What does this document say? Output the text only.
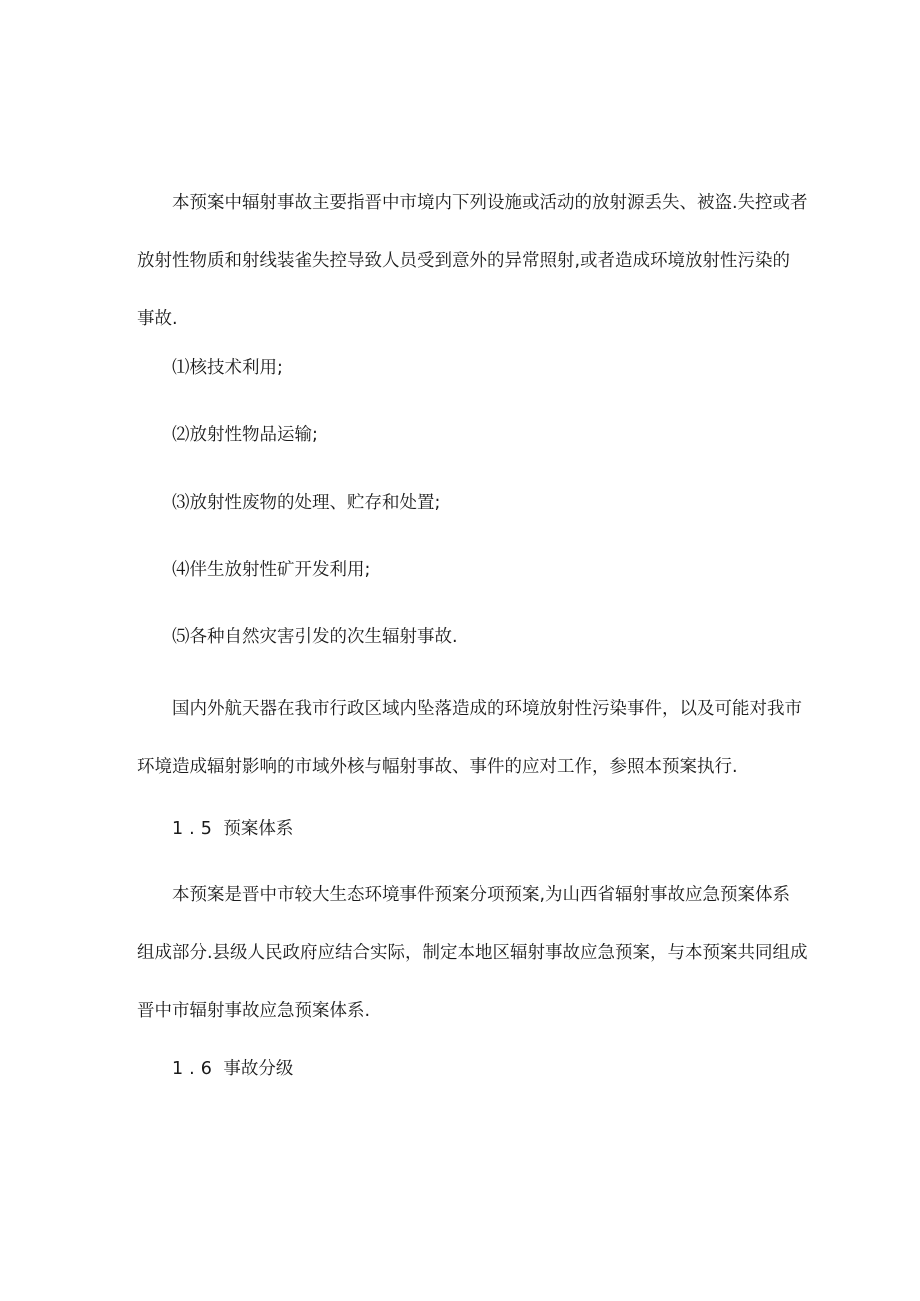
本预案中辐射事故主要指晋中市境内下列设施或活动的放射源丢失、被盗.失控或者
放射性物质和射线装雀失控导致人员受到意外的异常照射,或者造成环境放射性污染的
事故.
⑴核技术利用;
⑵放射性物品运输;
⑶放射性废物的处理、贮存和处置;
⑷伴生放射性矿开发利用;
⑸各种自然灾害引发的次生辐射事故.
国内外航天器在我市行政区域内坠落造成的环境放射性污染事件，以及可能对我市
环境造成辐射影响的市域外核与幅射事故、事件的应对工作，参照本预案执行.
1.5 预案体系
本预案是晋中市较大生态环境事件预案分项预案,为山西省辐射事故应急预案体系
组成部分.县级人民政府应结合实际，制定本地区辐射事故应急预案，与本预案共同组成
晋中市辐射事故应急预案体系.
1.6 事故分级
